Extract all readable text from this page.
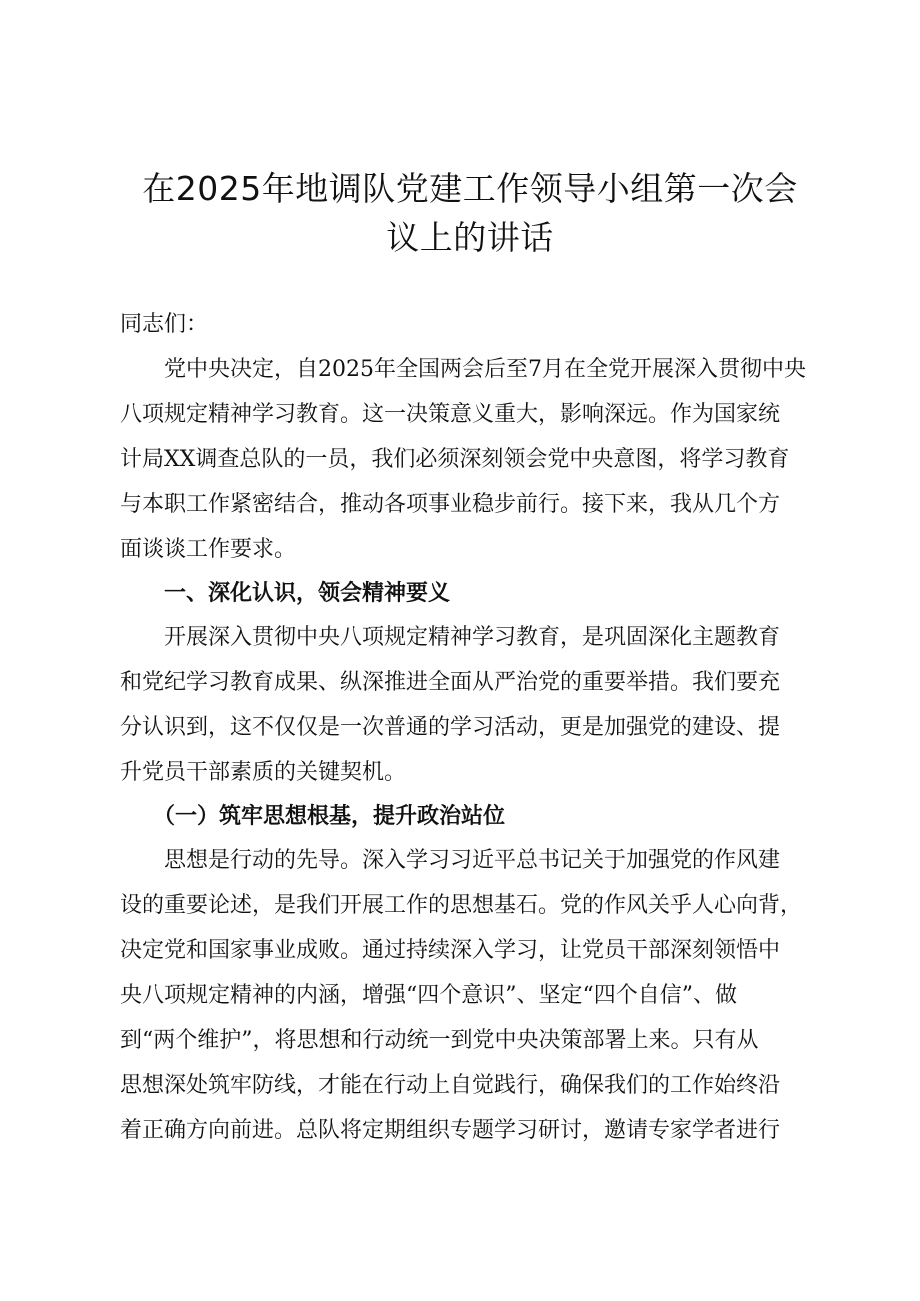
在2025年地调队党建工作领导小组第一次会
议上的讲话
同志们：
　　党中央决定，自2025年全国两会后至7月在全党开展深入贯彻中央
八项规定精神学习教育。这一决策意义重大，影响深远。作为国家统
计局XX调查总队的一员，我们必须深刻领会党中央意图，将学习教育
与本职工作紧密结合，推动各项事业稳步前行。接下来，我从几个方
面谈谈工作要求。
　　一、深化认识，领会精神要义
　　开展深入贯彻中央八项规定精神学习教育，是巩固深化主题教育
和党纪学习教育成果、纵深推进全面从严治党的重要举措。我们要充
分认识到，这不仅仅是一次普通的学习活动，更是加强党的建设、提
升党员干部素质的关键契机。
　　（一）筑牢思想根基，提升政治站位
　　思想是行动的先导。深入学习习近平总书记关于加强党的作风建
设的重要论述，是我们开展工作的思想基石。党的作风关乎人心向背，
决定党和国家事业成败。通过持续深入学习，让党员干部深刻领悟中
央八项规定精神的内涵，增强“四个意识”、坚定“四个自信”、做
到“两个维护”，将思想和行动统一到党中央决策部署上来。只有从
思想深处筑牢防线，才能在行动上自觉践行，确保我们的工作始终沿
着正确方向前进。总队将定期组织专题学习研讨，邀请专家学者进行
